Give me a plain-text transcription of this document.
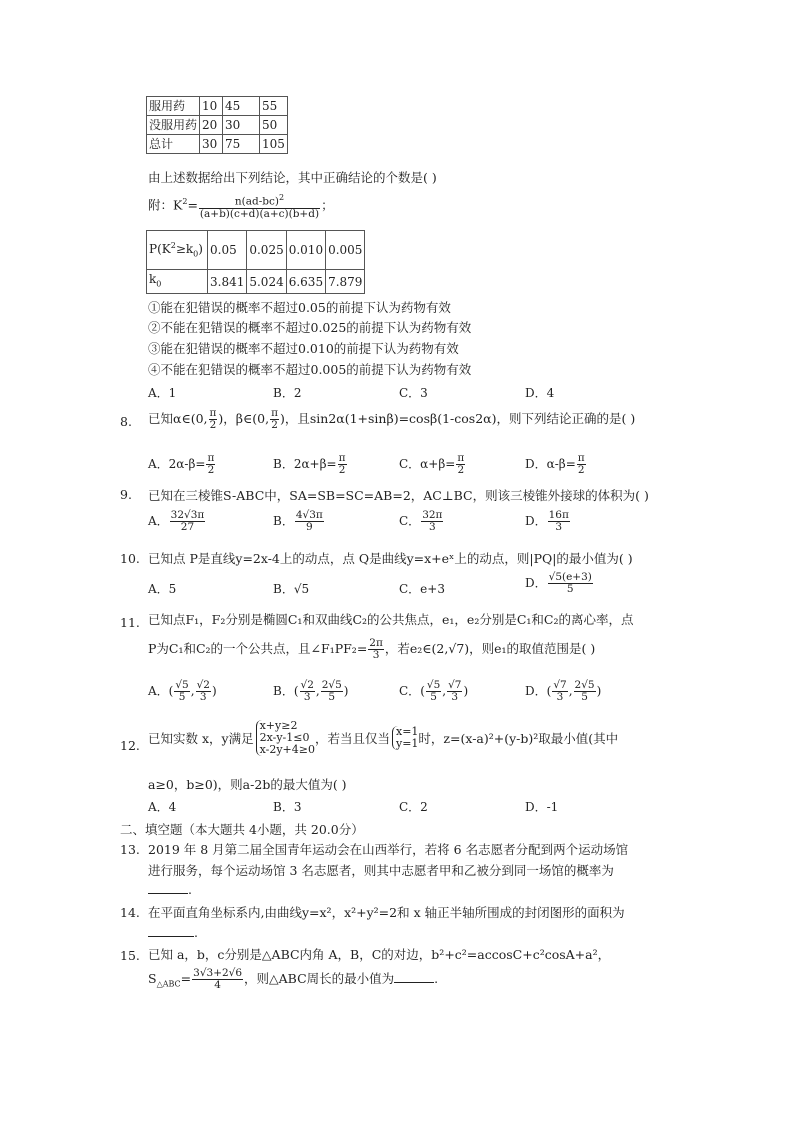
服用药	10	45	55
没服用药	20	30	50
总计	30	75	105
由上述数据给出下列结论，其中正确结论的个数是( )
附：$K^2= \frac{n(ad-bc)^2}{(a+b)(c+d)(a+c)(b+d)}$ ；
$P(K^2\ge k_0)$	0.05	0.025	0.010	0.005
$k_0$	3.841	5.024	6.635	7.879
①能在犯错误的概率不超过0.05的前提下认为药物有效
②不能在犯错误的概率不超过0.025的前提下认为药物有效
③能在犯错误的概率不超过0.010的前提下认为药物有效
④不能在犯错误的概率不超过0.005的前提下认为药物有效
A．1	B．2	C．3	D．4
8. 已知α∈(0, $\frac{\pi}{2}$ )，β∈(0, $\frac{\pi}{2}$ )，且sin2α(1+sinβ)=cosβ(1-cos2α)，则下列结论正确的是( )
A．$2\alpha-\beta= \frac{\pi}{2}$	B．$2\alpha+\beta= \frac{\pi}{2}$	C．$\alpha+\beta= \frac{\pi}{2}$	D．$\alpha-\beta= \frac{\pi}{2}$
9. 已知在三棱锥S-ABC中，SA=SB=SC=AB=2，AC⊥BC，则该三棱锥外接球的体积为( )
A． $\frac{32√3\pi}{27}$	B． $\frac{4√3\pi}{9}$	C． $\frac{32\pi}{3}$	D． $\frac{16\pi}{3}$
10. 已知点 P是直线y=2x-4上的动点，点 Q是曲线y=x+eˣ上的动点，则|PQ|的最小值为( )
A．5	B．√5	C．e+3	D． $\frac{√5(e+3)}{5}$
11. 已知点F₁，F₂分别是椭圆C₁和双曲线C₂的公共焦点，e₁，e₂分别是C₁和C₂的离心率，点
P为C₁和C₂的一个公共点，且∠F₁PF₂= $\frac{2\pi}{3}$ ，若e₂∈(2,√7)，则e₁的取值范围是( )
A．( $\frac{√5}{5}$ , $\frac{√2}{3}$ )	B．( $\frac{√2}{3}$ , $\frac{2√5}{5}$ )	C．( $\frac{√5}{5}$ , $\frac{√7}{3}$ )	D．( $\frac{√7}{3}$ , $\frac{2√5}{5}$ )
12. 已知实数 x，y满足
x+y≥2
2x-y-1≤0
x-2y+4≥0
，若当且仅当 x=1
y=1 时，z=(x-a)²+(y-b)²取最小值(其中
a≥0，b≥0)，则a-2b的最大值为( )
A．4	B．3	C．2	D．-1
二、填空题（本大题共 4小题，共 20.0分）
13. 2019 年 8 月第二届全国青年运动会在山西举行，若将 6 名志愿者分配到两个运动场馆
进行服务，每个运动场馆 3 名志愿者，则其中志愿者甲和乙被分到同一场馆的概率为
.
14. 在平面直角坐标系内,由曲线y=x²，x²+y²=2和 x 轴正半轴所围成的封闭图形的面积为
.
15. 已知 a，b，c分别是△ABC内角 A，B，C的对边，b²+c²=accosC+c²cosA+a²，
$S_{\triangle ABC}= \frac{3√3+2√6}{4}$ ，则△ABC周长的最小值为	.
